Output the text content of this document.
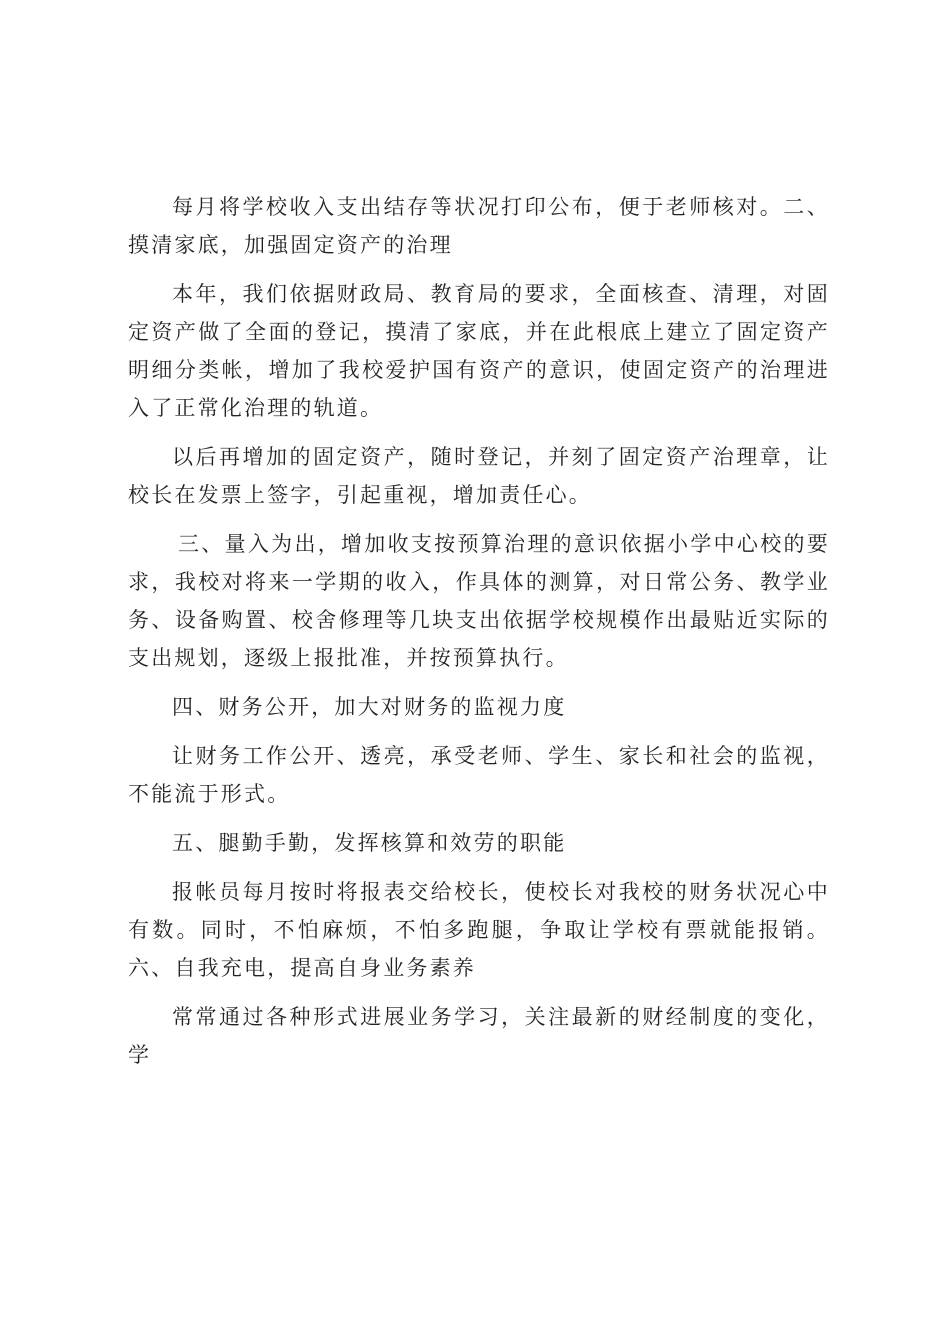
每月将学校收入支出结存等状况打印公布，便于老师核对。二、摸清家底，加强固定资产的治理

本年，我们依据财政局、教育局的要求，全面核查、清理，对固定资产做了全面的登记，摸清了家底，并在此根底上建立了固定资产明细分类帐，增加了我校爱护国有资产的意识，使固定资产的治理进入了正常化治理的轨道。

以后再增加的固定资产，随时登记，并刻了固定资产治理章，让校长在发票上签字，引起重视，增加责任心。

三、量入为出，增加收支按预算治理的意识依据小学中心校的要求，我校对将来一学期的收入，作具体的测算，对日常公务、教学业务、设备购置、校舍修理等几块支出依据学校规模作出最贴近实际的支出规划，逐级上报批准，并按预算执行。

四、财务公开，加大对财务的监视力度

让财务工作公开、透亮，承受老师、学生、家长和社会的监视，不能流于形式。

五、腿勤手勤，发挥核算和效劳的职能

报帐员每月按时将报表交给校长，使校长对我校的财务状况心中有数。同时，不怕麻烦，不怕多跑腿，争取让学校有票就能报销。六、自我充电，提高自身业务素养

常常通过各种形式进展业务学习，关注最新的财经制度的变化，学
